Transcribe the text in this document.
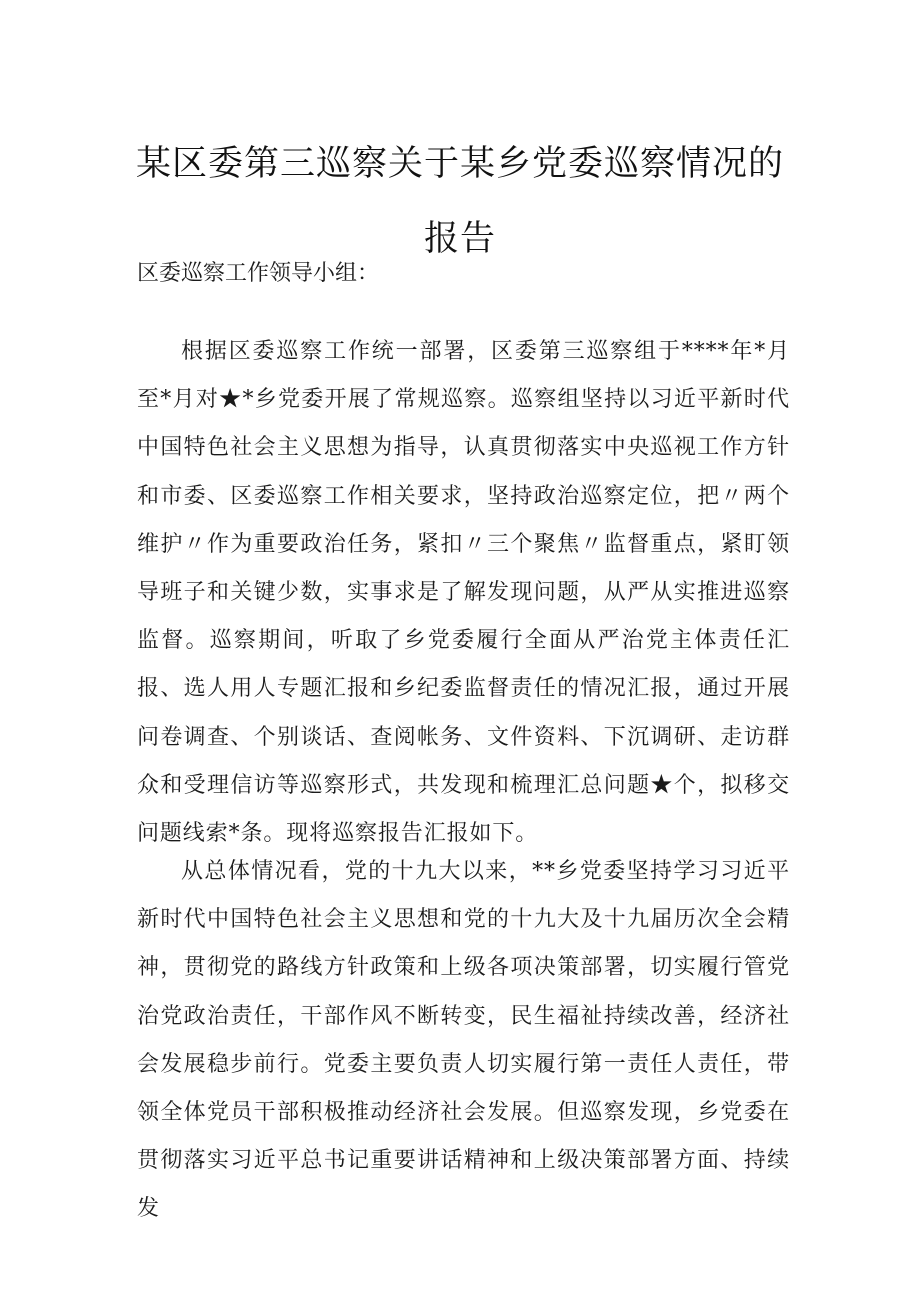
某区委第三巡察关于某乡党委巡察情况的
报告
区委巡察工作领导小组：

根据区委巡察工作统一部署，区委第三巡察组于****年*月至*月对★*乡党委开展了常规巡察。巡察组坚持以习近平新时代中国特色社会主义思想为指导，认真贯彻落实中央巡视工作方针和市委、区委巡察工作相关要求，坚持政治巡察定位，把〃两个维护〃作为重要政治任务，紧扣〃三个聚焦〃监督重点，紧盯领导班子和关键少数，实事求是了解发现问题，从严从实推进巡察监督。巡察期间，听取了乡党委履行全面从严治党主体责任汇报、选人用人专题汇报和乡纪委监督责任的情况汇报，通过开展问卷调查、个别谈话、查阅帐务、文件资料、下沉调研、走访群众和受理信访等巡察形式，共发现和梳理汇总问题★个，拟移交问题线索*条。现将巡察报告汇报如下。

从总体情况看，党的十九大以来，**乡党委坚持学习习近平新时代中国特色社会主义思想和党的十九大及十九届历次全会精神，贯彻党的路线方针政策和上级各项决策部署，切实履行管党治党政治责任，干部作风不断转变，民生福祉持续改善，经济社会发展稳步前行。党委主要负责人切实履行第一责任人责任，带领全体党员干部积极推动经济社会发展。但巡察发现，乡党委在贯彻落实习近平总书记重要讲话精神和上级决策部署方面、持续发
